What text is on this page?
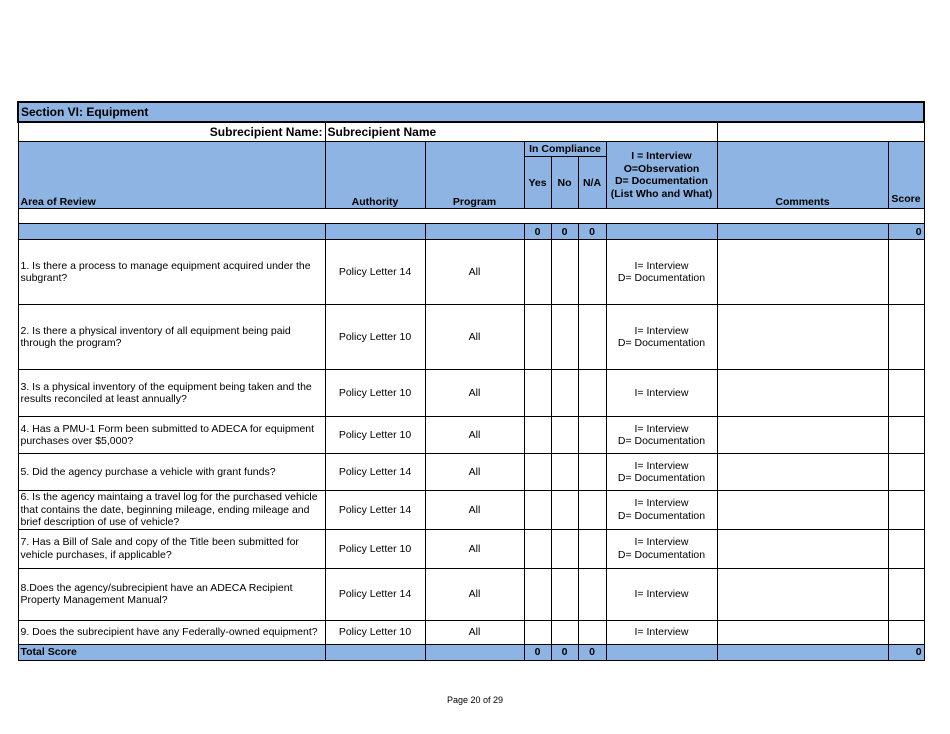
Section VI: Equipment								
Subrecipient Name:	Subrecipient Name							
Area of Review	Authority	Program	In Compliance			I = Interview
O=Observation
D= Documentation
(List Who and What)	Comments	Score
			Yes	No	N/A			

			0	0	0			0
1. Is there a process to manage equipment acquired under the subgrant?	Policy Letter 14	All				I= Interview
D= Documentation		

2. Is there a physical inventory of all equipment being paid through the program?	Policy Letter 10	All				I= Interview
D= Documentation		

3. Is a physical inventory of the equipment being taken and the results reconciled at least annually?	Policy Letter 10	All				I= Interview		

4. Has a PMU-1 Form been submitted to ADECA for equipment purchases over $5,000?	Policy Letter 10	All				I= Interview
D= Documentation		

5. Did the agency purchase a vehicle with grant funds?	Policy Letter 14	All				I= Interview
D= Documentation		

6. Is the agency maintaing a travel log for the purchased vehicle that contains the date, beginning mileage, ending mileage and brief description of use of vehicle?	Policy Letter 14	All				I= Interview
D= Documentation		

7. Has a Bill of Sale and copy of the Title been submitted for vehicle purchases, if applicable?	Policy Letter 10	All				I= Interview
D= Documentation		

8.Does the agency/subrecipient have an ADECA Recipient Property Management Manual?	Policy Letter 14	All				I= Interview		

9. Does the subrecipient have any Federally-owned equipment?	Policy Letter 10	All				I= Interview		

Total Score			0	0	0			0
Page 20 of 29
